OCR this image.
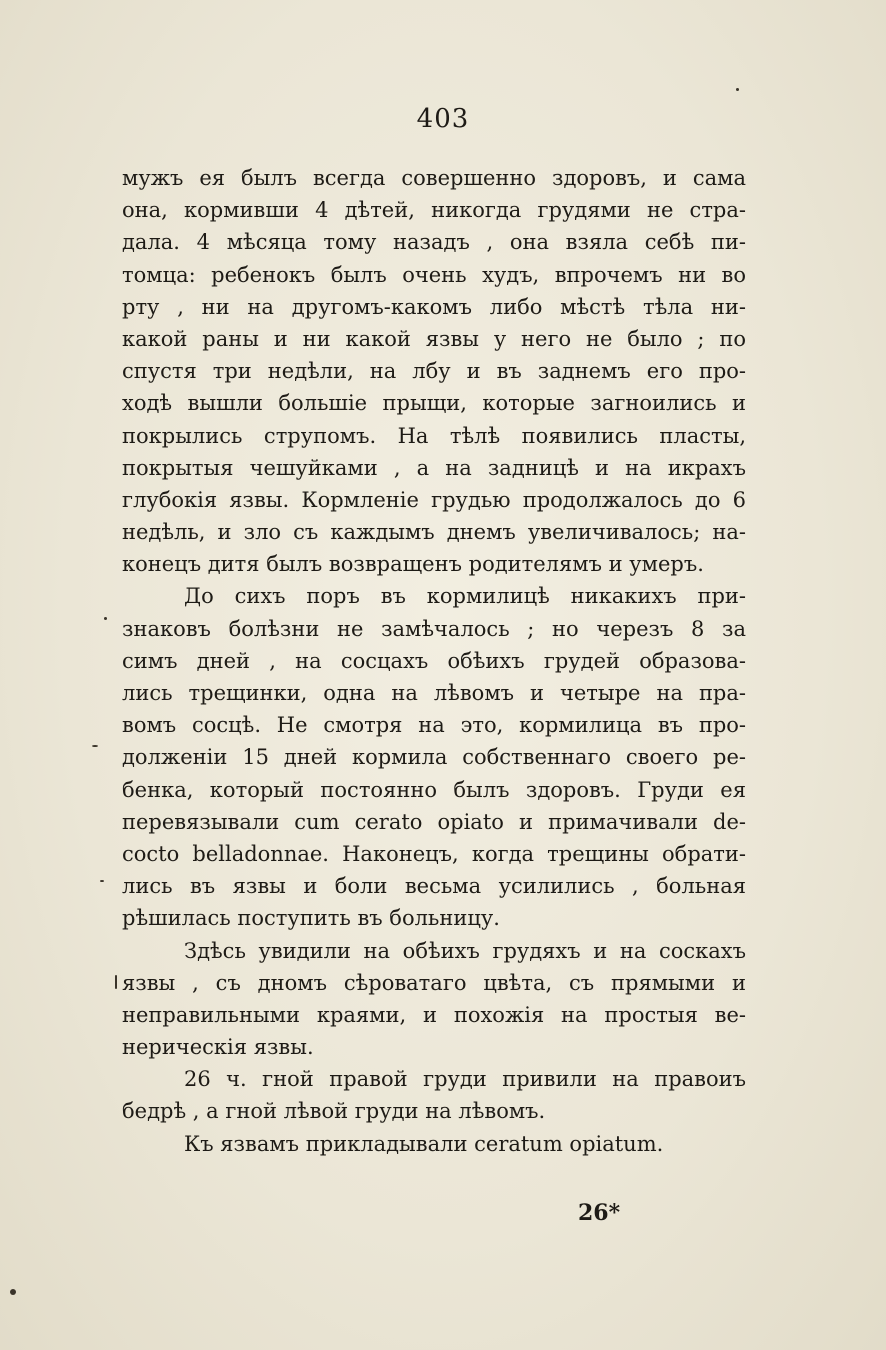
403
мужъ ея былъ всегда совершенно здоровъ, и сама
она, кормивши 4 дѣтей, никогда грудями не стра-
дала. 4 мѣсяца тому назадъ , она взяла себѣ пи-
томца: ребенокъ былъ очень худъ, впрочемъ ни во
рту , ни на другомъ-какомъ либо мѣстѣ тѣла ни-
какой раны и ни какой язвы у него не было ; по
спустя три недѣли, на лбу и въ заднемъ его про-
ходѣ вышли большіе прыщи, которые загноились и
покрылись струпомъ. На тѣлѣ появились пласты,
покрытыя чешуйками , а на задницѣ и на икрахъ
глубокія язвы. Кормленіе грудью продолжалось до 6
недѣль, и зло съ каждымъ днемъ увеличивалось; на-
конецъ дитя былъ возвращенъ родителямъ и умеръ.
До сихъ поръ въ кормилицѣ никакихъ при-
знаковъ болѣзни не замѣчалось ; но черезъ 8 за
симъ дней , на сосцахъ обѣихъ грудей образова-
лись трещинки, одна на лѣвомъ и четыре на пра-
вомъ сосцѣ. Не смотря на это, кормилица въ про-
долженіи 15 дней кормила собственнаго своего ре-
бенка, который постоянно былъ здоровъ. Груди ея
перевязывали cum cerato opiato и примачивали de-
cocto belladonnae. Наконецъ, когда трещины обрати-
лись въ язвы и боли весьма усилились , больная
рѣшилась поступить въ больницу.
Здѣсь увидили на обѣихъ грудяхъ и на соскахъ
язвы , съ дномъ сѣроватаго цвѣта, съ прямыми и
неправильными краями, и похожія на простыя ве-
нерическія язвы.
26 ч. гной правой груди привили на правоиъ
бедрѣ , а гной лѣвой груди на лѣвомъ.
Къ язвамъ прикладывали ceratum opiatum.
26*
